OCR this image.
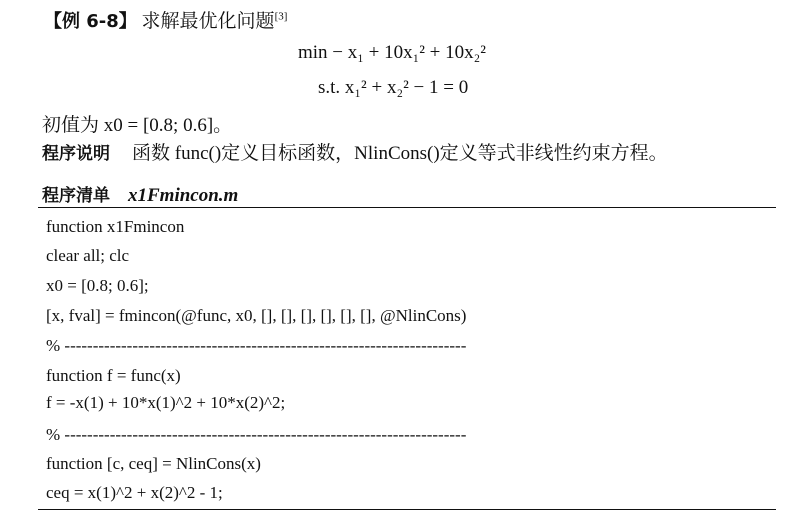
【例 6-8】 求解最优化问题[3]
min − x₁ + 10x₁² + 10x₂²
s.t. x₁² + x₂² − 1 = 0
初值为 x0 = [0.8; 0.6]。
程序说明 函数 func()定义目标函数，NlinCons()定义等式非线性约束方程。
程序清单 x1Fmincon.m
function x1Fmincon
clear all; clc
x0 = [0.8; 0.6];
[x, fval] = fmincon(@func, x0, [], [], [], [], [], [], @NlinCons)
% -----------------------------------------------------------------------
function f = func(x)
f = -x(1) + 10*x(1)^2 + 10*x(2)^2;
% -----------------------------------------------------------------------
function [c, ceq] = NlinCons(x)
ceq = x(1)^2 + x(2)^2 - 1;
